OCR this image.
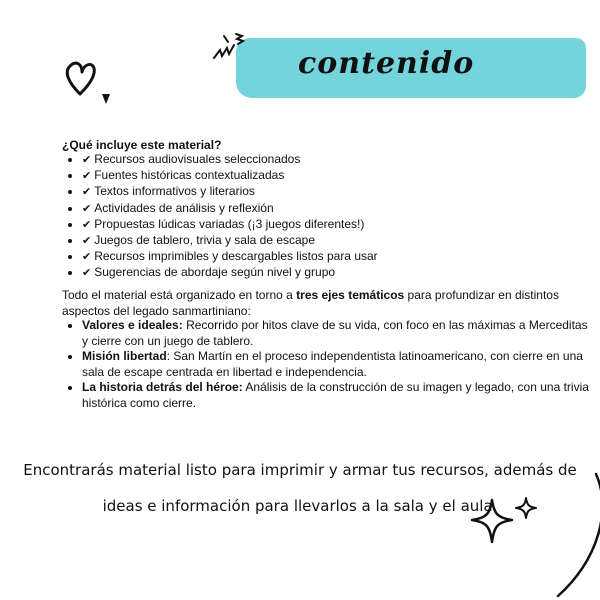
contenido
¿Qué incluye este material?
• ✔ Recursos audiovisuales seleccionados
• ✔ Fuentes históricas contextualizadas
• ✔ Textos informativos y literarios
• ✔ Actividades de análisis y reflexión
• ✔ Propuestas lúdicas variadas (¡3 juegos diferentes!)
• ✔ Juegos de tablero, trivia y sala de escape
• ✔ Recursos imprimibles y descargables listos para usar
• ✔ Sugerencias de abordaje según nivel y grupo

Todo el material está organizado en torno a tres ejes temáticos para profundizar en distintos aspectos del legado sanmartiniano:

• Valores e ideales: Recorrido por hitos clave de su vida, con foco en las máximas a Merceditas y cierre con un juego de tablero.
• Misión libertad: San Martín en el proceso independentista latinoamericano, con cierre en una sala de escape centrada en libertad e independencia.
• La historia detrás del héroe: Análisis de la construcción de su imagen y legado, con una trivia histórica como cierre.
Encontrarás material listo para imprimir y armar tus recursos, además de
ideas e información para llevarlos a la sala y el aula.
